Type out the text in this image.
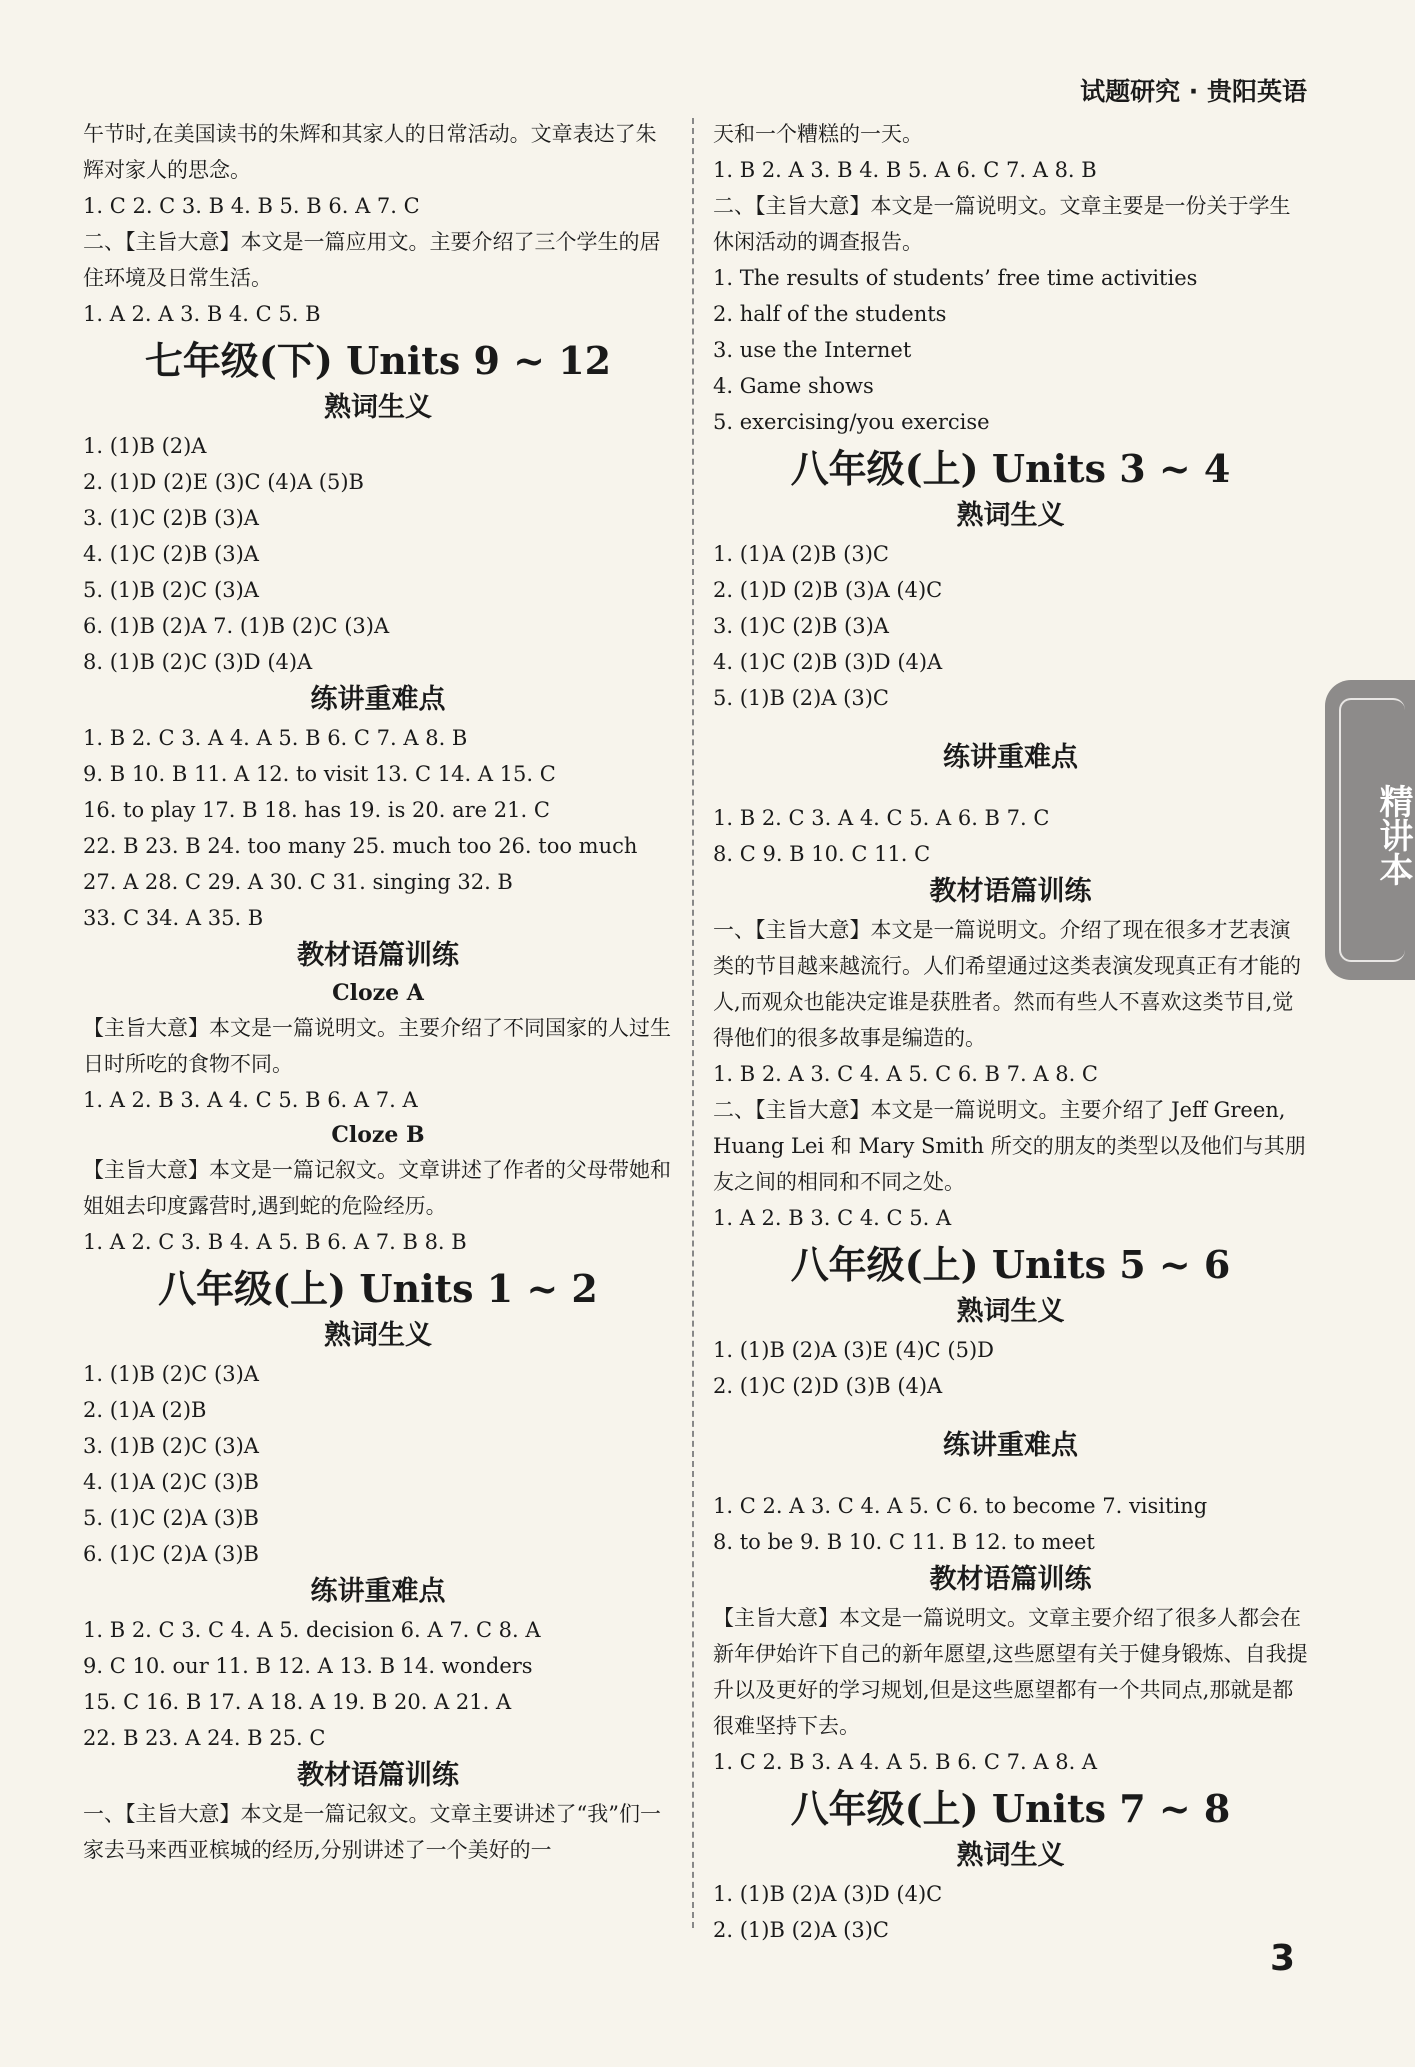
试题研究 · 贵阳英语
午节时,在美国读书的朱辉和其家人的日常活动。文章表达了朱辉对家人的思念。
1. C 2. C 3. B 4. B 5. B 6. A 7. C
二、【主旨大意】本文是一篇应用文。主要介绍了三个学生的居住环境及日常生活。
1. A 2. A 3. B 4. C 5. B
七年级(下) Units 9 ~ 12
熟词生义
1. (1)B (2)A
2. (1)D (2)E (3)C (4)A (5)B
3. (1)C (2)B (3)A
4. (1)C (2)B (3)A
5. (1)B (2)C (3)A
6. (1)B (2)A 7. (1)B (2)C (3)A
8. (1)B (2)C (3)D (4)A
练讲重难点
1. B 2. C 3. A 4. A 5. B 6. C 7. A 8. B
9. B 10. B 11. A 12. to visit 13. C 14. A 15. C
16. to play 17. B 18. has 19. is 20. are 21. C
22. B 23. B 24. too many 25. much too 26. too much
27. A 28. C 29. A 30. C 31. singing 32. B
33. C 34. A 35. B
教材语篇训练
Cloze A
【主旨大意】本文是一篇说明文。主要介绍了不同国家的人过生日时所吃的食物不同。
1. A 2. B 3. A 4. C 5. B 6. A 7. A
Cloze B
【主旨大意】本文是一篇记叙文。文章讲述了作者的父母带她和姐姐去印度露营时,遇到蛇的危险经历。
1. A 2. C 3. B 4. A 5. B 6. A 7. B 8. B
八年级(上) Units 1 ~ 2
熟词生义
1. (1)B (2)C (3)A
2. (1)A (2)B
3. (1)B (2)C (3)A
4. (1)A (2)C (3)B
5. (1)C (2)A (3)B
6. (1)C (2)A (3)B
练讲重难点
1. B 2. C 3. C 4. A 5. decision 6. A 7. C 8. A
9. C 10. our 11. B 12. A 13. B 14. wonders
15. C 16. B 17. A 18. A 19. B 20. A 21. A
22. B 23. A 24. B 25. C
教材语篇训练
一、【主旨大意】本文是一篇记叙文。文章主要讲述了“我”们一家去马来西亚槟城的经历,分别讲述了一个美好的一
天和一个糟糕的一天。
1. B 2. A 3. B 4. B 5. A 6. C 7. A 8. B
二、【主旨大意】本文是一篇说明文。文章主要是一份关于学生休闲活动的调查报告。
1. The results of students’ free time activities
2. half of the students
3. use the Internet
4. Game shows
5. exercising/you exercise
八年级(上) Units 3 ~ 4
熟词生义
1. (1)A (2)B (3)C
2. (1)D (2)B (3)A (4)C
3. (1)C (2)B (3)A
4. (1)C (2)B (3)D (4)A
5. (1)B (2)A (3)C
练讲重难点
1. B 2. C 3. A 4. C 5. A 6. B 7. C
8. C 9. B 10. C 11. C
教材语篇训练
一、【主旨大意】本文是一篇说明文。介绍了现在很多才艺表演类的节目越来越流行。人们希望通过这类表演发现真正有才能的人,而观众也能决定谁是获胜者。然而有些人不喜欢这类节目,觉得他们的很多故事是编造的。
1. B 2. A 3. C 4. A 5. C 6. B 7. A 8. C
二、【主旨大意】本文是一篇说明文。主要介绍了 Jeff Green, Huang Lei 和 Mary Smith 所交的朋友的类型以及他们与其朋友之间的相同和不同之处。
1. A 2. B 3. C 4. C 5. A
八年级(上) Units 5 ~ 6
熟词生义
1. (1)B (2)A (3)E (4)C (5)D
2. (1)C (2)D (3)B (4)A
练讲重难点
1. C 2. A 3. C 4. A 5. C 6. to become 7. visiting
8. to be 9. B 10. C 11. B 12. to meet
教材语篇训练
【主旨大意】本文是一篇说明文。文章主要介绍了很多人都会在新年伊始许下自己的新年愿望,这些愿望有关于健身锻炼、自我提升以及更好的学习规划,但是这些愿望都有一个共同点,那就是都很难坚持下去。
1. C 2. B 3. A 4. A 5. B 6. C 7. A 8. A
八年级(上) Units 7 ~ 8
熟词生义
1. (1)B (2)A (3)D (4)C
2. (1)B (2)A (3)C
精讲本
3
